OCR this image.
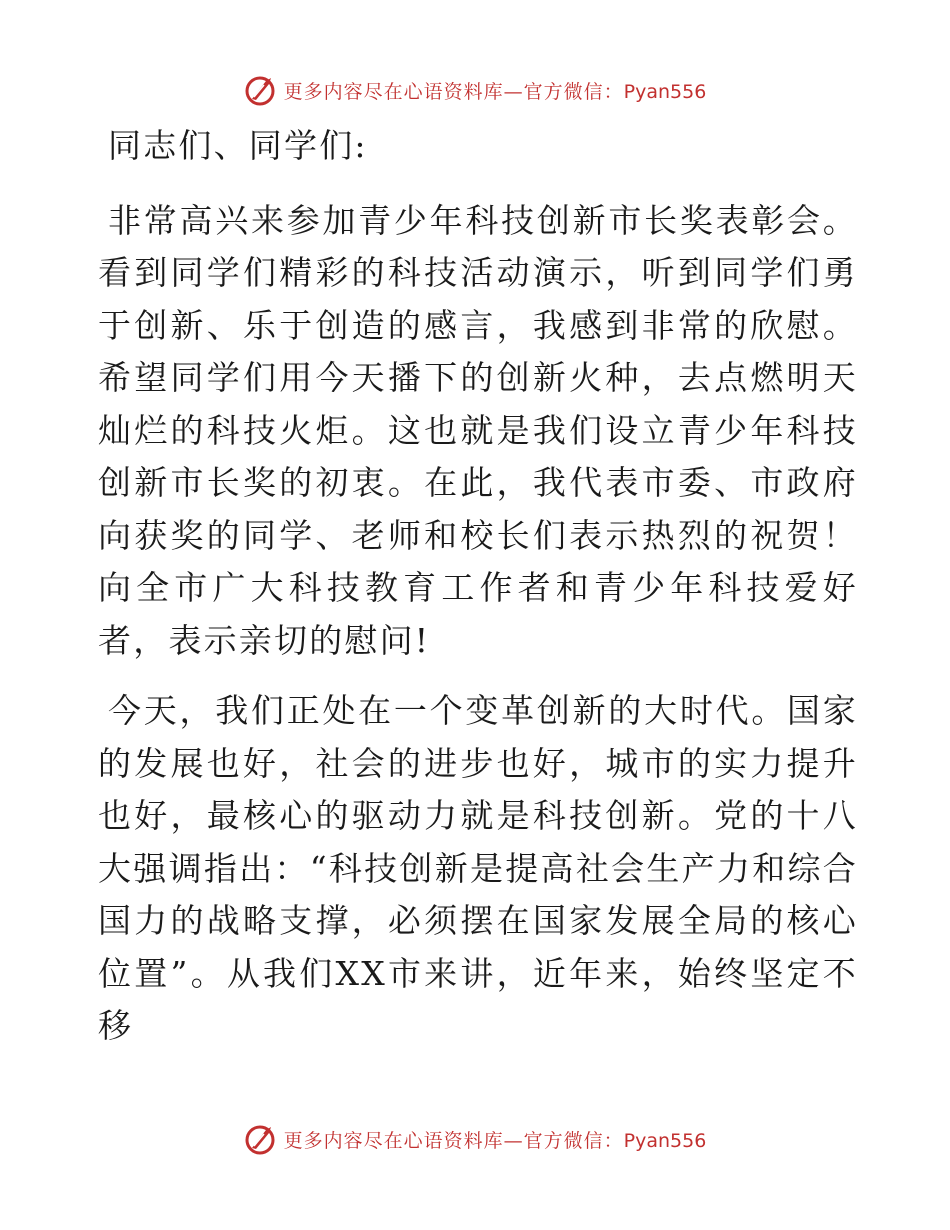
更多内容尽在心语资料库—官方微信：Pyan556

同志们、同学们:

非常高兴来参加青少年科技创新市长奖表彰会。看到同学们精彩的科技活动演示，听到同学们勇于创新、乐于创造的感言，我感到非常的欣慰。希望同学们用今天播下的创新火种，去点燃明天灿烂的科技火炬。这也就是我们设立青少年科技创新市长奖的初衷。在此，我代表市委、市政府向获奖的同学、老师和校长们表示热烈的祝贺！向全市广大科技教育工作者和青少年科技爱好者，表示亲切的慰问!

今天，我们正处在一个变革创新的大时代。国家的发展也好，社会的进步也好，城市的实力提升也好，最核心的驱动力就是科技创新。党的十八大强调指出：“科技创新是提高社会生产力和综合国力的战略支撑，必须摆在国家发展全局的核心位置”。从我们XX市来讲，近年来，始终坚定不移

更多内容尽在心语资料库—官方微信：Pyan556
